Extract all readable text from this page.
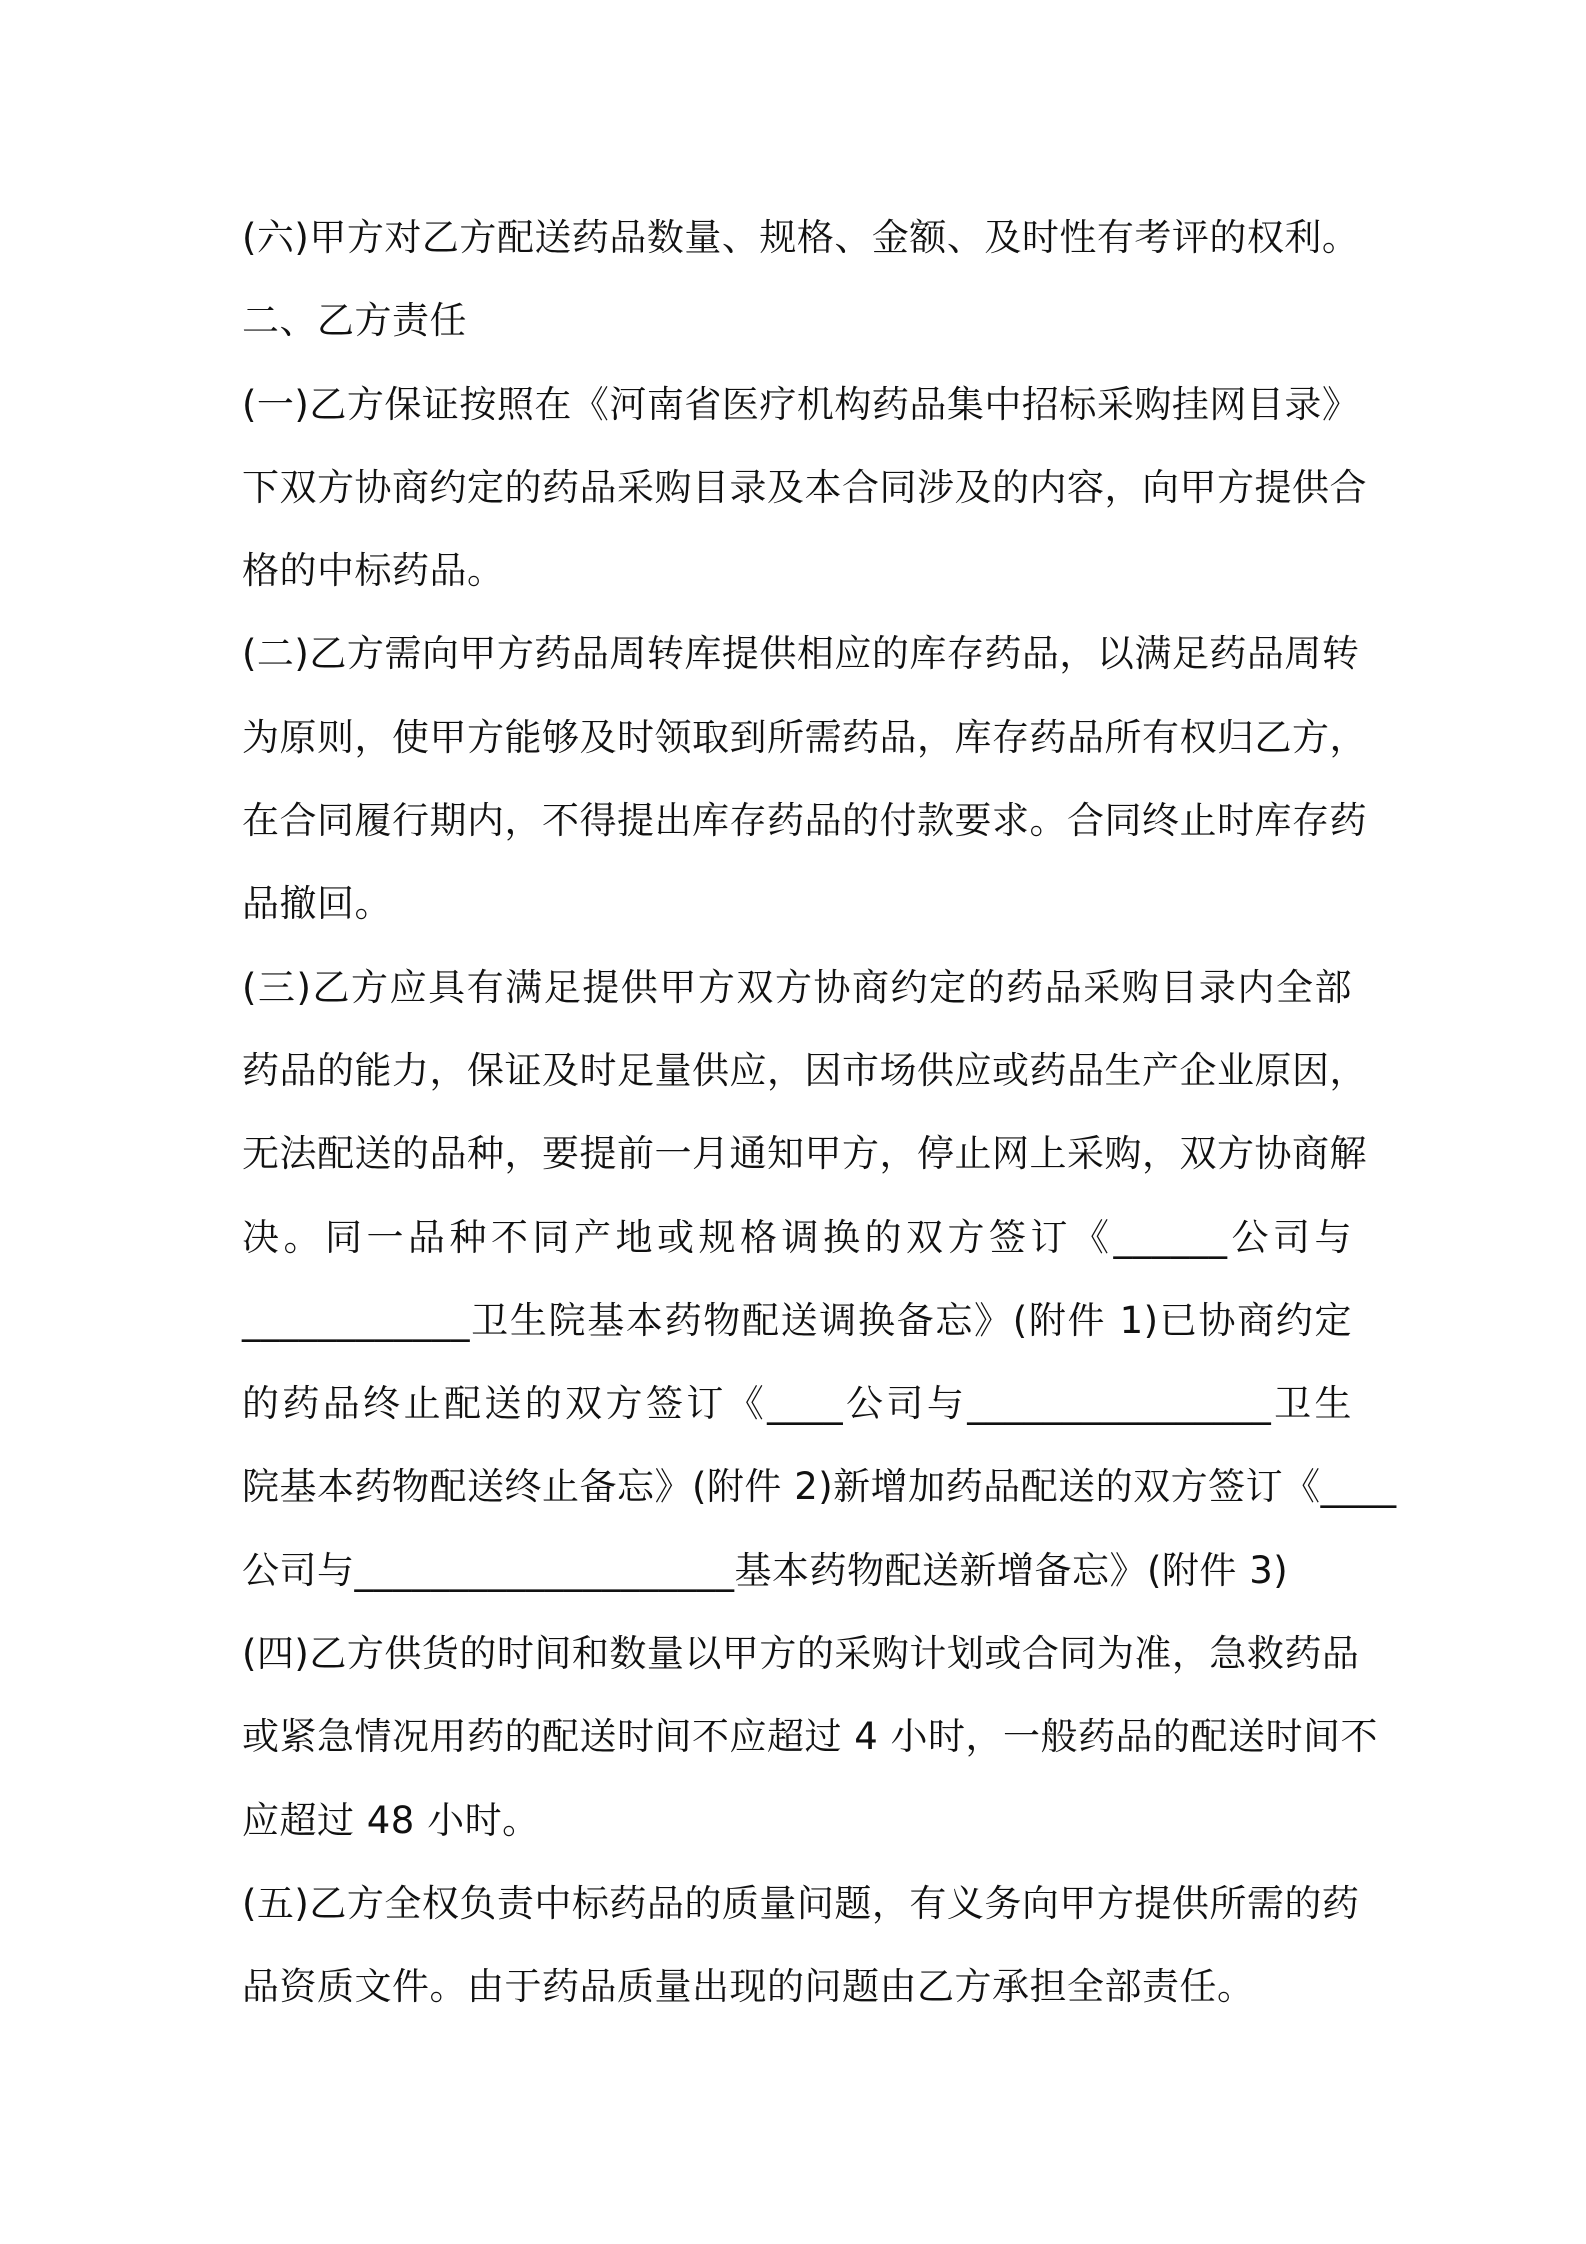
(六)甲方对乙方配送药品数量、规格、金额、及时性有考评的权利。
二、乙方责任
(一)乙方保证按照在《河南省医疗机构药品集中招标采购挂网目录》
下双方协商约定的药品采购目录及本合同涉及的内容，向甲方提供合
格的中标药品。
(二)乙方需向甲方药品周转库提供相应的库存药品，以满足药品周转
为原则，使甲方能够及时领取到所需药品，库存药品所有权归乙方，
在合同履行期内，不得提出库存药品的付款要求。合同终止时库存药
品撤回。
(三)乙方应具有满足提供甲方双方协商约定的药品采购目录内全部
药品的能力，保证及时足量供应，因市场供应或药品生产企业原因，
无法配送的品种，要提前一月通知甲方，停止网上采购，双方协商解
决。同一品种不同产地或规格调换的双方签订《______公司与
____________卫生院基本药物配送调换备忘》(附件 1)已协商约定
的药品终止配送的双方签订《____公司与________________卫生
院基本药物配送终止备忘》(附件 2)新增加药品配送的双方签订《____
公司与____________________基本药物配送新增备忘》(附件 3)
(四)乙方供货的时间和数量以甲方的采购计划或合同为准，急救药品
或紧急情况用药的配送时间不应超过 4 小时，一般药品的配送时间不
应超过 48 小时。
(五)乙方全权负责中标药品的质量问题，有义务向甲方提供所需的药
品资质文件。由于药品质量出现的问题由乙方承担全部责任。
